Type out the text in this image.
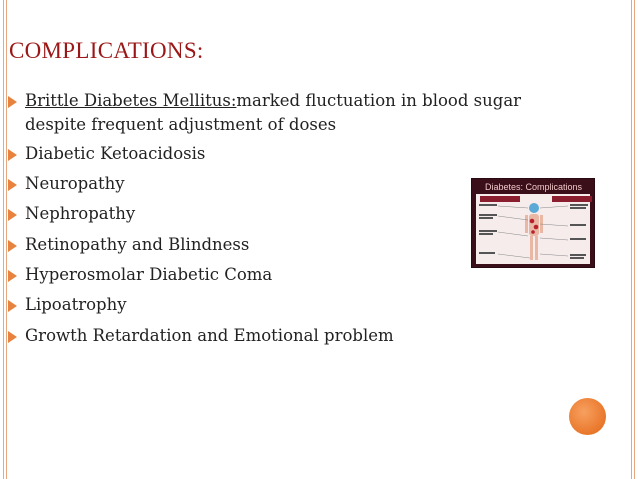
COMPLICATIONS:
Brittle Diabetes Mellitus:marked fluctuation in blood sugar
despite frequent adjustment of doses
Diabetic Ketoacidosis
Neuropathy
Nephropathy
Retinopathy and Blindness
Hyperosmolar Diabetic Coma
Lipoatrophy
Growth Retardation and Emotional problem
Diabetes: Complications
